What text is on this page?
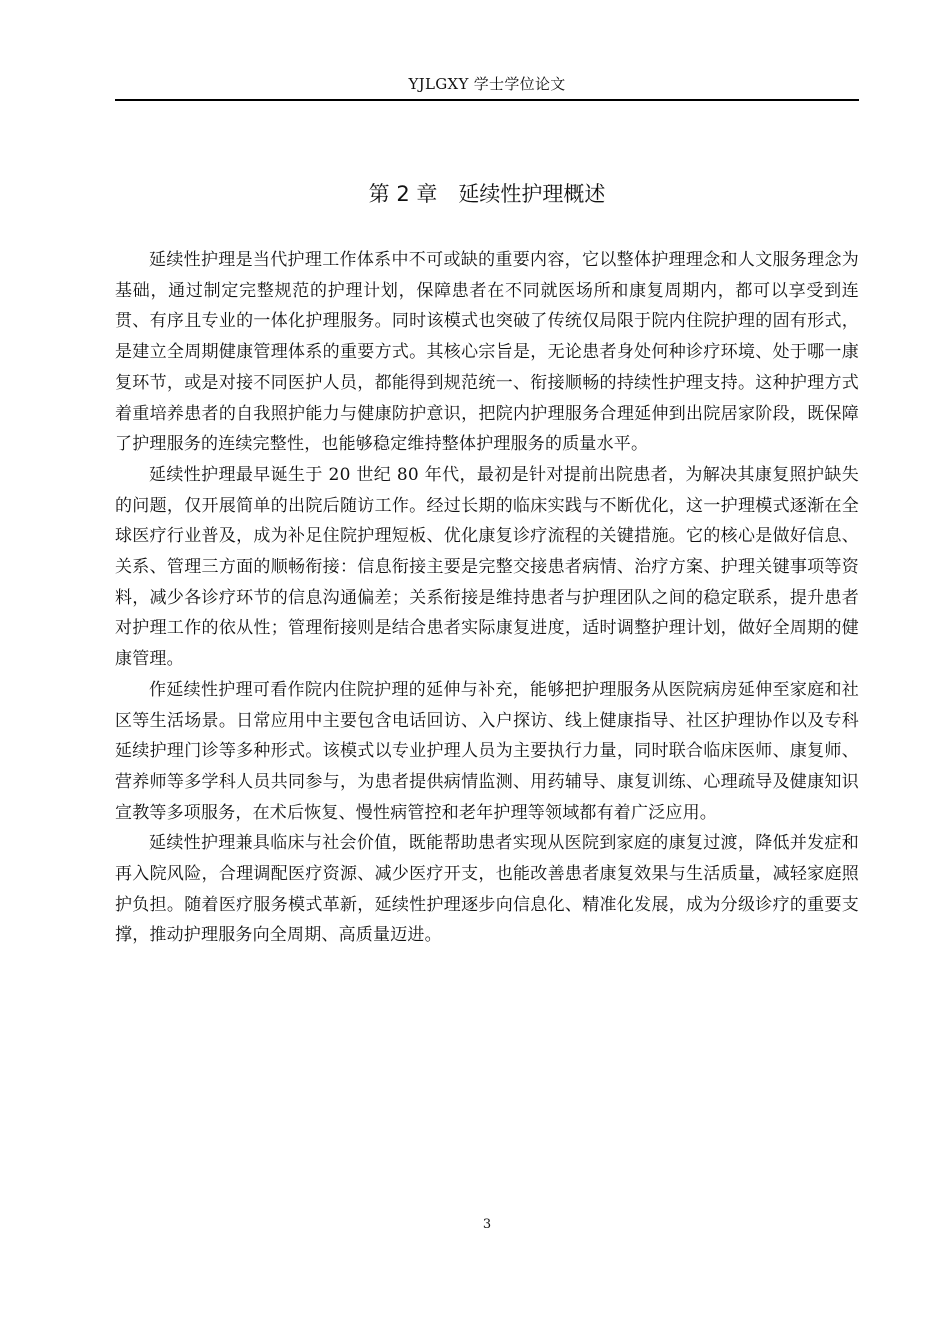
YJLGXY 学士学位论文
第 2 章　延续性护理概述

延续性护理是当代护理工作体系中不可或缺的重要内容，它以整体护理理念和人文服务理念为基础，通过制定完整规范的护理计划，保障患者在不同就医场所和康复周期内，都可以享受到连贯、有序且专业的一体化护理服务。同时该模式也突破了传统仅局限于院内住院护理的固有形式，是建立全周期健康管理体系的重要方式。其核心宗旨是，无论患者身处何种诊疗环境、处于哪一康复环节，或是对接不同医护人员，都能得到规范统一、衔接顺畅的持续性护理支持。这种护理方式着重培养患者的自我照护能力与健康防护意识，把院内护理服务合理延伸到出院居家阶段，既保障了护理服务的连续完整性，也能够稳定维持整体护理服务的质量水平。

延续性护理最早诞生于 20 世纪 80 年代，最初是针对提前出院患者，为解决其康复照护缺失的问题，仅开展简单的出院后随访工作。经过长期的临床实践与不断优化，这一护理模式逐渐在全球医疗行业普及，成为补足住院护理短板、优化康复诊疗流程的关键措施。它的核心是做好信息、关系、管理三方面的顺畅衔接：信息衔接主要是完整交接患者病情、治疗方案、护理关键事项等资料，减少各诊疗环节的信息沟通偏差；关系衔接是维持患者与护理团队之间的稳定联系，提升患者对护理工作的依从性；管理衔接则是结合患者实际康复进度，适时调整护理计划，做好全周期的健康管理。

作延续性护理可看作院内住院护理的延伸与补充，能够把护理服务从医院病房延伸至家庭和社区等生活场景。日常应用中主要包含电话回访、入户探访、线上健康指导、社区护理协作以及专科延续护理门诊等多种形式。该模式以专业护理人员为主要执行力量，同时联合临床医师、康复师、营养师等多学科人员共同参与，为患者提供病情监测、用药辅导、康复训练、心理疏导及健康知识宣教等多项服务，在术后恢复、慢性病管控和老年护理等领域都有着广泛应用。

延续性护理兼具临床与社会价值，既能帮助患者实现从医院到家庭的康复过渡，降低并发症和再入院风险，合理调配医疗资源、减少医疗开支，也能改善患者康复效果与生活质量，减轻家庭照护负担。随着医疗服务模式革新，延续性护理逐步向信息化、精准化发展，成为分级诊疗的重要支撑，推动护理服务向全周期、高质量迈进。

3
